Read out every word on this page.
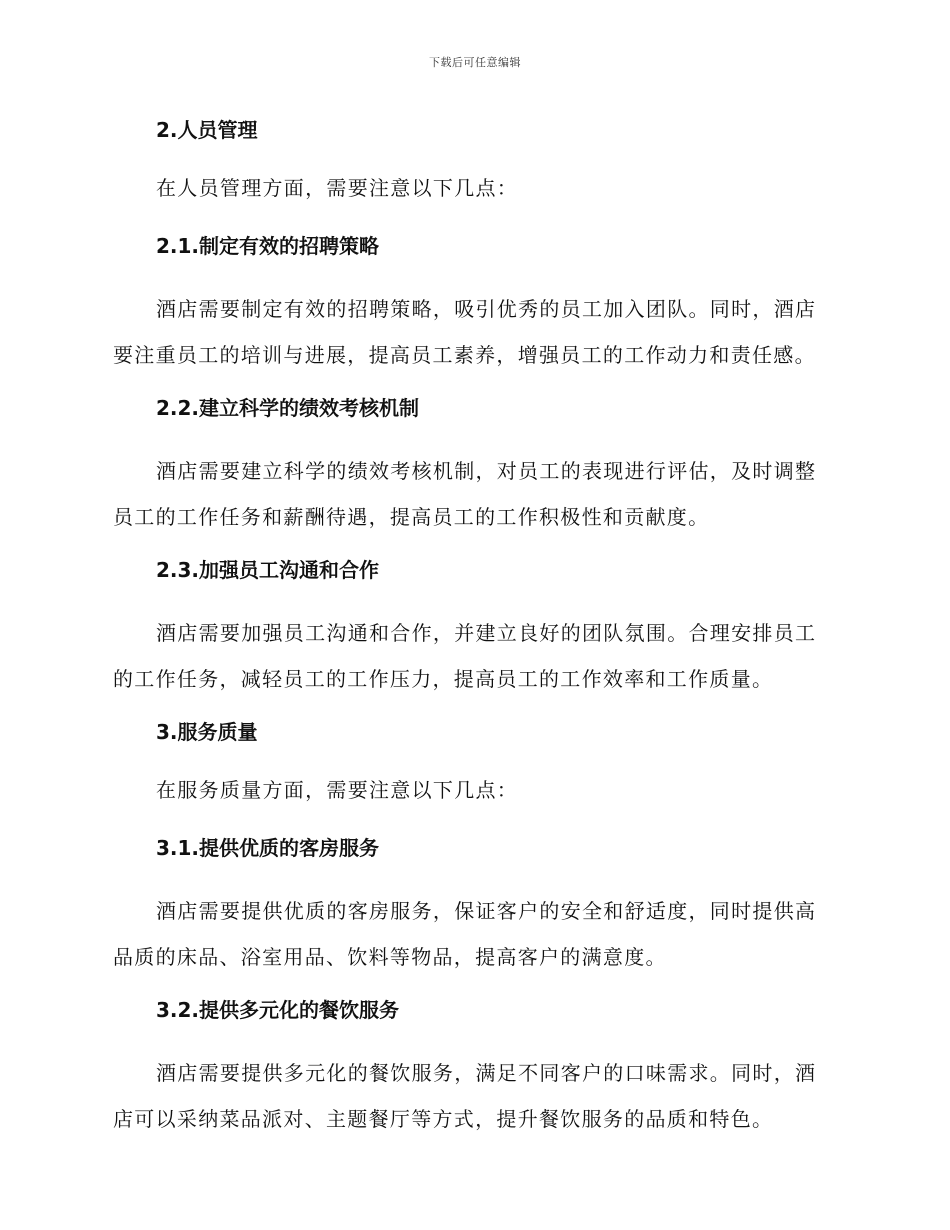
下载后可任意编辑
2.人员管理

在人员管理方面，需要注意以下几点：

2.1.制定有效的招聘策略

酒店需要制定有效的招聘策略，吸引优秀的员工加入团队。同时，酒店
要注重员工的培训与进展，提高员工素养，增强员工的工作动力和责任感。

2.2.建立科学的绩效考核机制

酒店需要建立科学的绩效考核机制，对员工的表现进行评估，及时调整
员工的工作任务和薪酬待遇，提高员工的工作积极性和贡献度。

2.3.加强员工沟通和合作

酒店需要加强员工沟通和合作，并建立良好的团队氛围。合理安排员工
的工作任务，减轻员工的工作压力，提高员工的工作效率和工作质量。

3.服务质量

在服务质量方面，需要注意以下几点：

3.1.提供优质的客房服务

酒店需要提供优质的客房服务，保证客户的安全和舒适度，同时提供高
品质的床品、浴室用品、饮料等物品，提高客户的满意度。

3.2.提供多元化的餐饮服务

酒店需要提供多元化的餐饮服务，满足不同客户的口味需求。同时，酒
店可以采纳菜品派对、主题餐厅等方式，提升餐饮服务的品质和特色。
